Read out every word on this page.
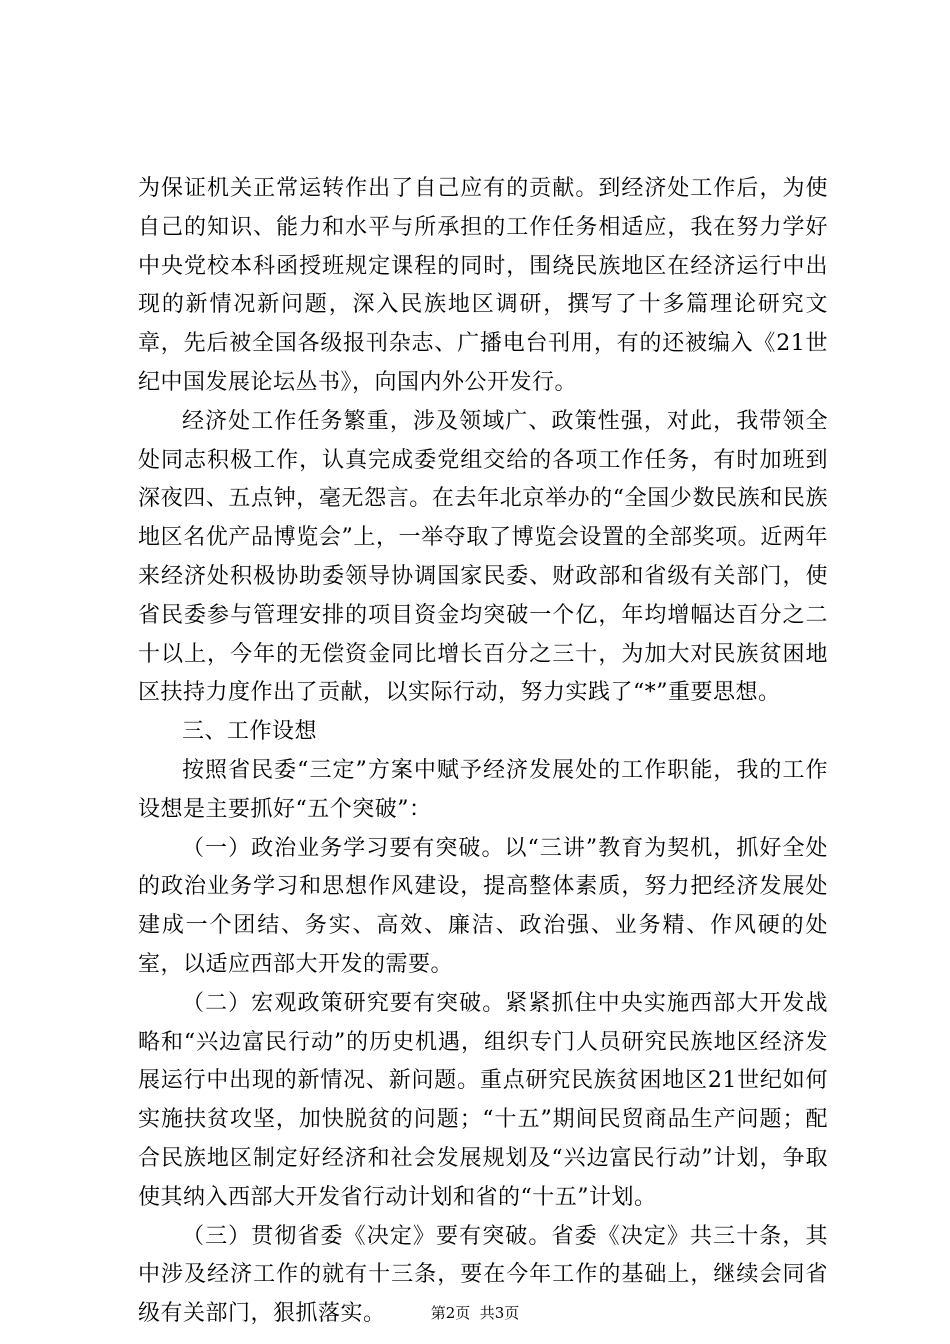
为保证机关正常运转作出了自己应有的贡献。到经济处工作后，为使自己的知识、能力和水平与所承担的工作任务相适应，我在努力学好中央党校本科函授班规定课程的同时，围绕民族地区在经济运行中出现的新情况新问题，深入民族地区调研，撰写了十多篇理论研究文章，先后被全国各级报刊杂志、广播电台刊用，有的还被编入《21世纪中国发展论坛丛书》，向国内外公开发行。

经济处工作任务繁重，涉及领域广、政策性强，对此，我带领全处同志积极工作，认真完成委党组交给的各项工作任务，有时加班到深夜四、五点钟，毫无怨言。在去年北京举办的“全国少数民族和民族地区名优产品博览会”上，一举夺取了博览会设置的全部奖项。近两年来经济处积极协助委领导协调国家民委、财政部和省级有关部门，使省民委参与管理安排的项目资金均突破一个亿，年均增幅达百分之二十以上，今年的无偿资金同比增长百分之三十，为加大对民族贫困地区扶持力度作出了贡献，以实际行动，努力实践了“*”重要思想。

三、工作设想

按照省民委“三定”方案中赋予经济发展处的工作职能，我的工作设想是主要抓好“五个突破”：

（一）政治业务学习要有突破。以“三讲”教育为契机，抓好全处的政治业务学习和思想作风建设，提高整体素质，努力把经济发展处建成一个团结、务实、高效、廉洁、政治强、业务精、作风硬的处室，以适应西部大开发的需要。

（二）宏观政策研究要有突破。紧紧抓住中央实施西部大开发战略和“兴边富民行动”的历史机遇，组织专门人员研究民族地区经济发展运行中出现的新情况、新问题。重点研究民族贫困地区21世纪如何实施扶贫攻坚，加快脱贫的问题；“十五”期间民贸商品生产问题；配合民族地区制定好经济和社会发展规划及“兴边富民行动”计划，争取使其纳入西部大开发省行动计划和省的“十五”计划。

（三）贯彻省委《决定》要有突破。省委《决定》共三十条，其中涉及经济工作的就有十三条，要在今年工作的基础上，继续会同省级有关部门，狠抓落实。	第2页  共3页
